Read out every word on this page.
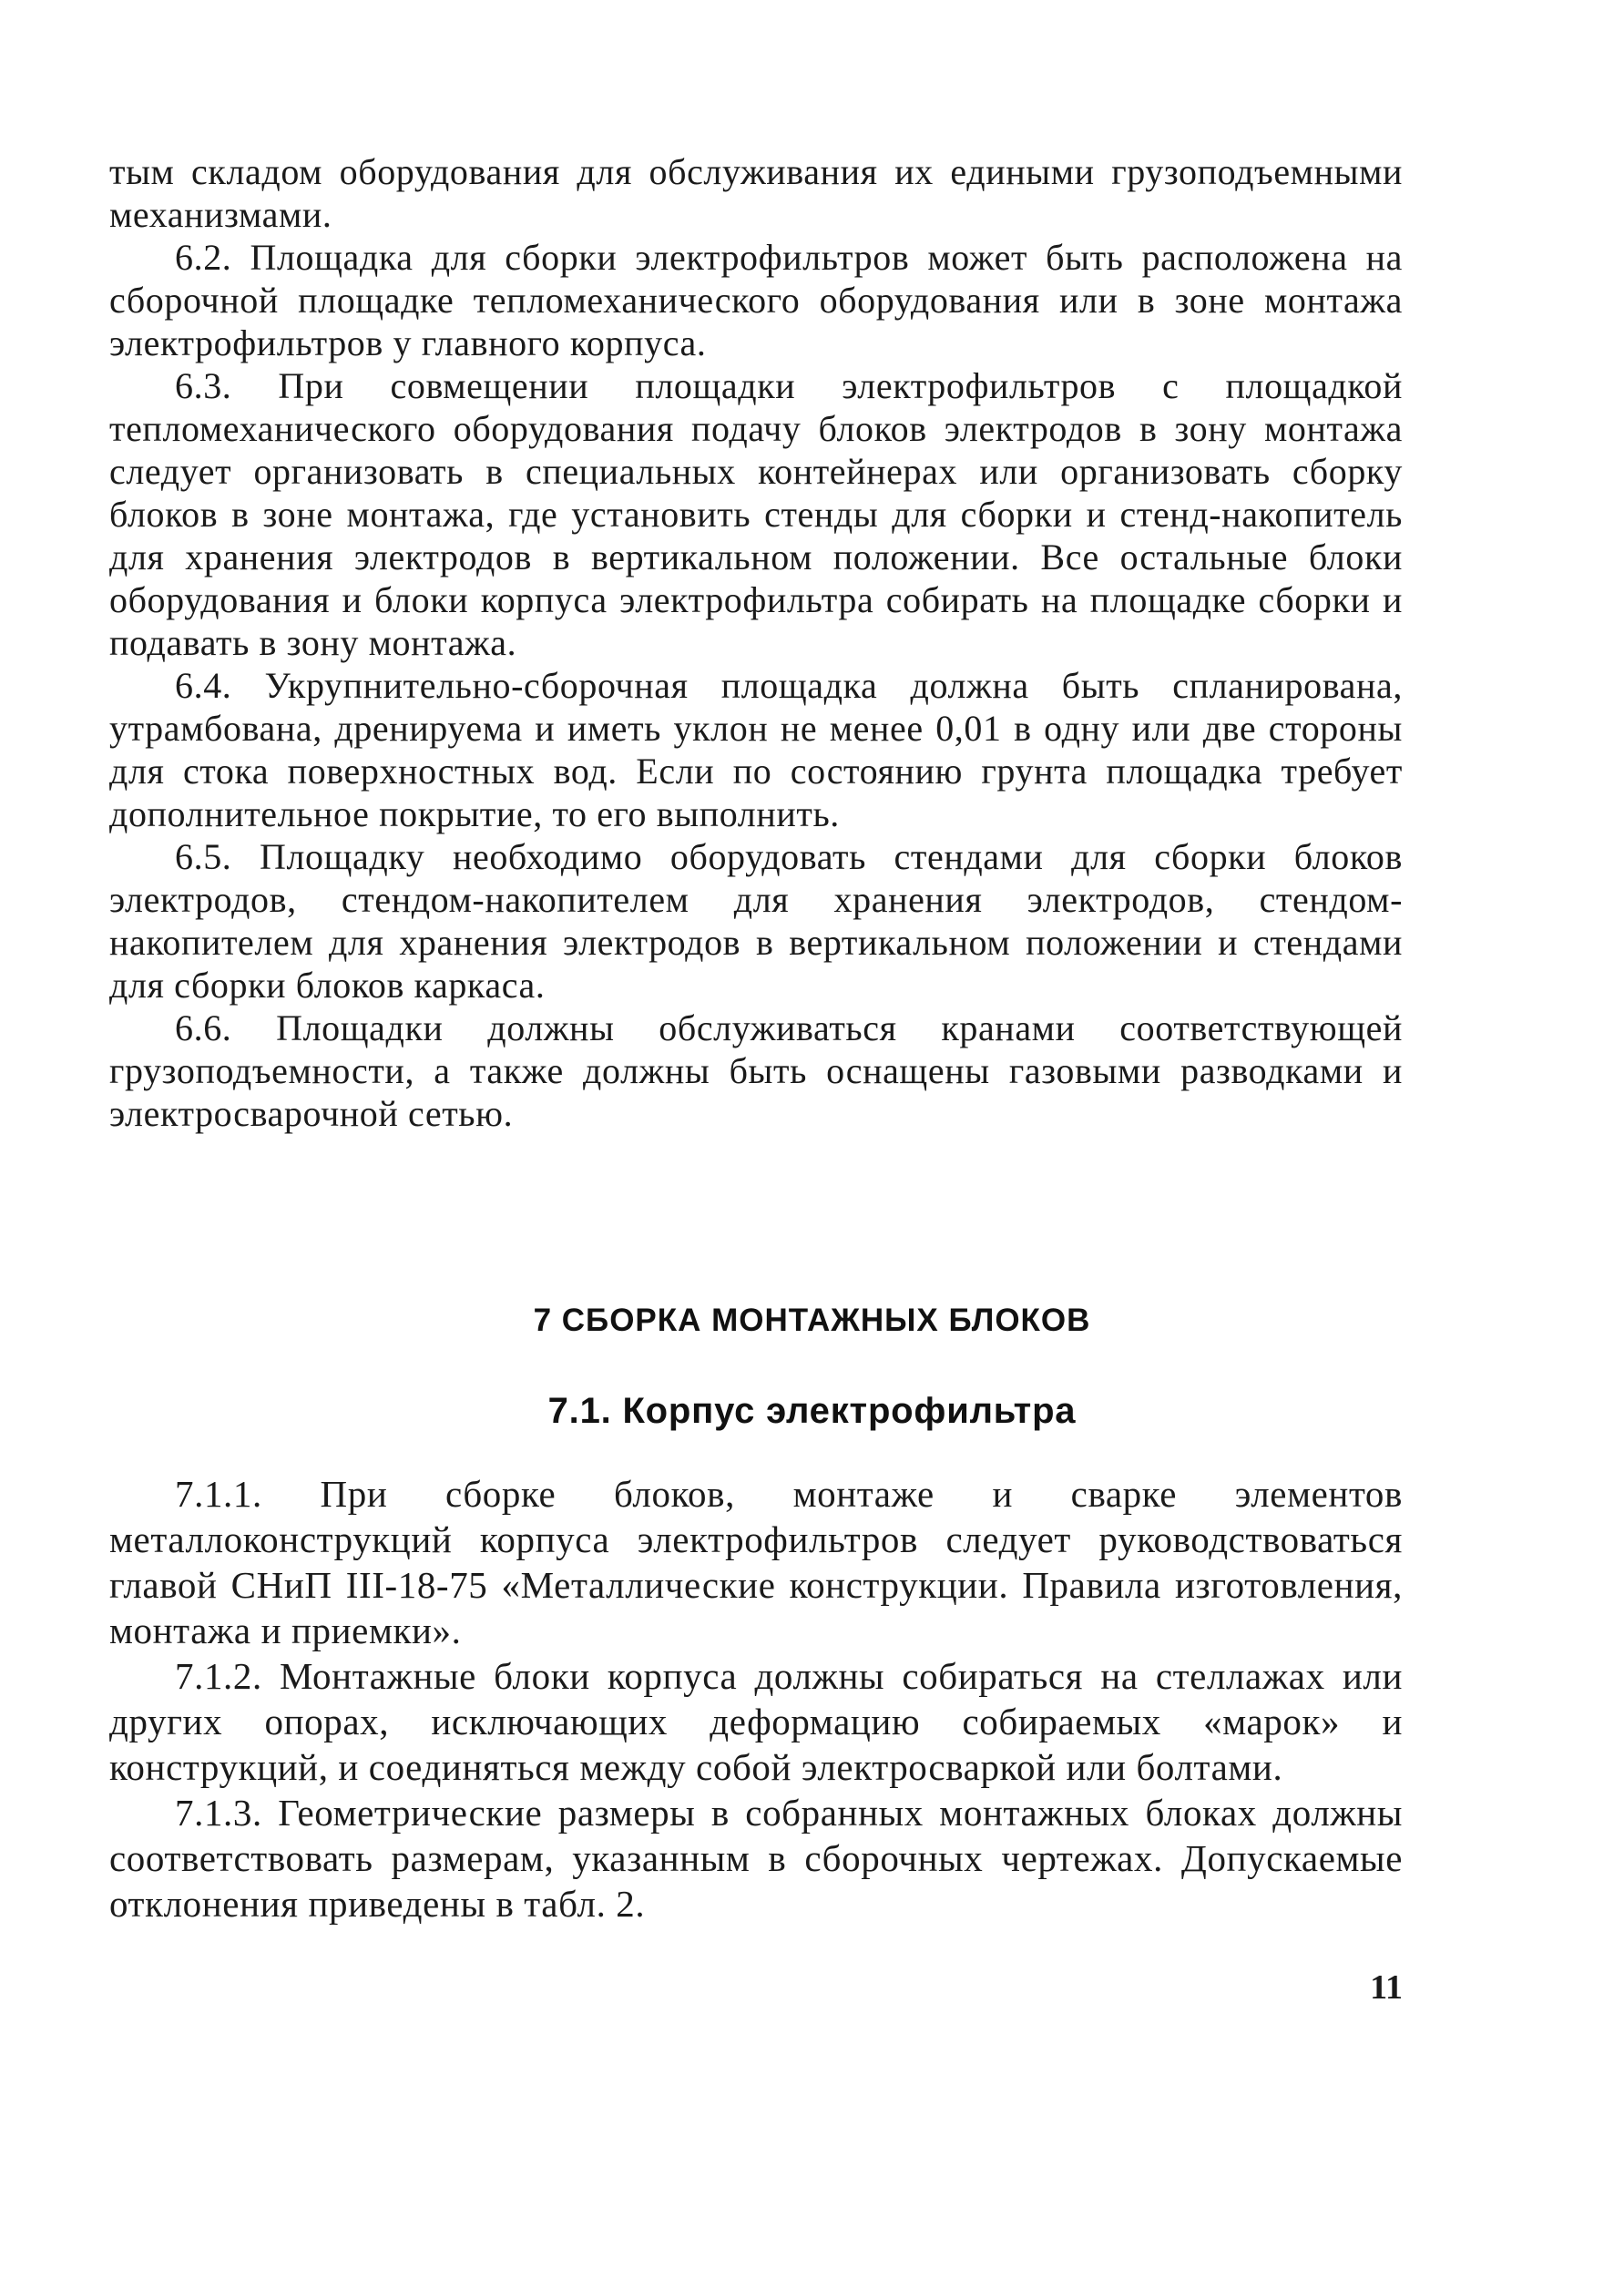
тым складом оборудования для обслуживания их едиными грузоподъемными механизмами.

6.2. Площадка для сборки электрофильтров может быть расположена на сборочной площадке тепломеханического оборудования или в зоне монтажа электрофильтров у главного корпуса.

6.3. При совмещении площадки электрофильтров с площадкой тепломеханического оборудования подачу блоков электродов в зону монтажа следует организовать в специальных контейнерах или организовать сборку блоков в зоне монтажа, где установить стенды для сборки и стенд-накопитель для хранения электродов в вертикальном положении. Все остальные блоки оборудования и блоки корпуса электрофильтра собирать на площадке сборки и подавать в зону монтажа.

6.4. Укрупнительно-сборочная площадка должна быть спланирована, утрамбована, дренируема и иметь уклон не менее 0,01 в одну или две стороны для стока поверхностных вод. Если по состоянию грунта площадка требует дополнительное покрытие, то его выполнить.

6.5. Площадку необходимо оборудовать стендами для сборки блоков электродов, стендом-накопителем для хранения электродов, стендом-накопителем для хранения электродов в вертикальном положении и стендами для сборки блоков каркаса.

6.6. Площадки должны обслуживаться кранами соответствующей грузоподъемности, а также должны быть оснащены газовыми разводками и электросварочной сетью.

7 СБОРКА МОНТАЖНЫХ БЛОКОВ
7.1. Корпус электрофильтра

7.1.1. При сборке блоков, монтаже и сварке элементов металлоконструкций корпуса электрофильтров следует руководствоваться главой СНиП III-18-75 «Металлические конструкции. Правила изготовления, монтажа и приемки».

7.1.2. Монтажные блоки корпуса должны собираться на стеллажах или других опорах, исключающих деформацию собираемых «марок» и конструкций, и соединяться между собой электросваркой или болтами.

7.1.3. Геометрические размеры в собранных монтажных блоках должны соответствовать размерам, указанным в сборочных чертежах. Допускаемые отклонения приведены в табл. 2.

11
